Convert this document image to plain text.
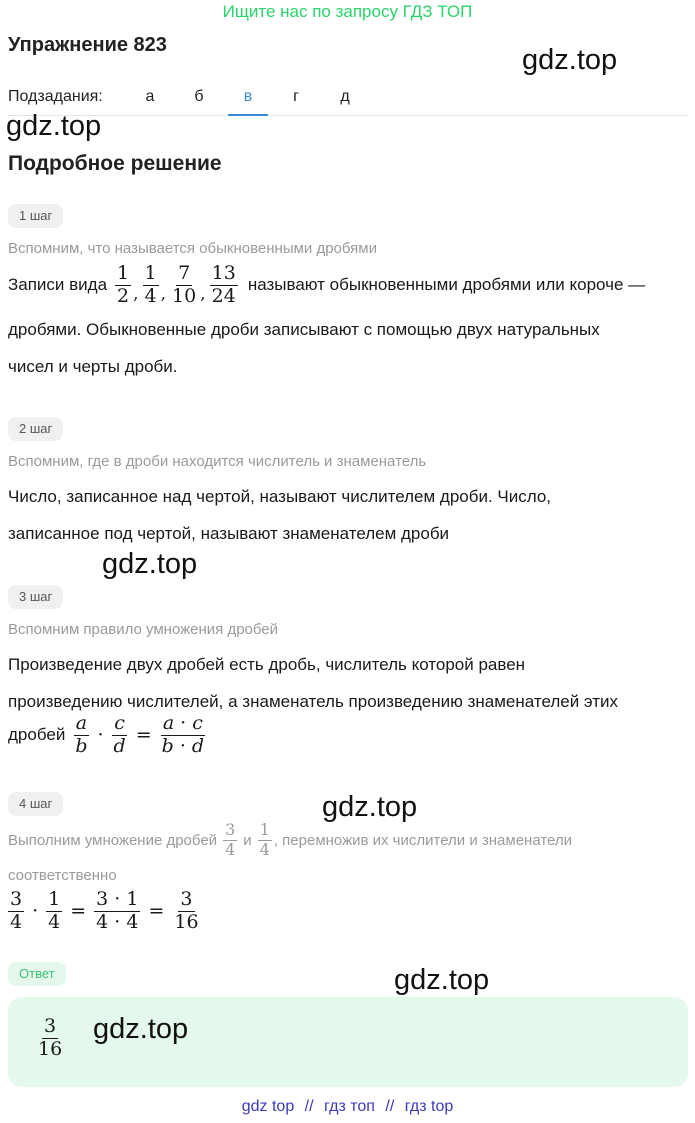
Ищите нас по запросу ГДЗ ТОП
Упражнение 823	gdz.top
Подзадания:	а	б	в	г	д
gdz.top
Подробное решение
1 шаг
Вспомним, что называется обыкновенными дробями
Записи вида $\frac{1}{2}$ , $\frac{1}{4}$ , $\frac{7}{10}$ , $\frac{13}{24}$ называют обыкновенными дробями или короче —
дробями. Обыкновенные дроби записывают с помощью двух натуральных
чисел и черты дроби.
2 шаг
Вспомним, где в дроби находится числитель и знаменатель
Число, записанное над чертой, называют числителем дроби. Число,
записанное под чертой, называют знаменателем дроби
gdz.top
3 шаг
Вспомним правило умножения дробей
Произведение двух дробей есть дробь, числитель которой равен
произведению числителей, а знаменатель произведению знаменателей этих
дробей $\frac{a}{b} \cdot \frac{c}{d} = \frac{a \cdot c}{b \cdot d}$
4 шаг	gdz.top
Выполним умножение дробей $\frac{3}{4}$ и $\frac{1}{4}$ , перемножив их числители и знаменатели
соответственно
$\frac{3}{4} \cdot \frac{1}{4} = \frac{3 \cdot 1}{4 \cdot 4} = \frac{3}{16}$
Ответ	gdz.top
$\frac{3}{16} gdz.top$
gdz top // гдз топ // гдз top
